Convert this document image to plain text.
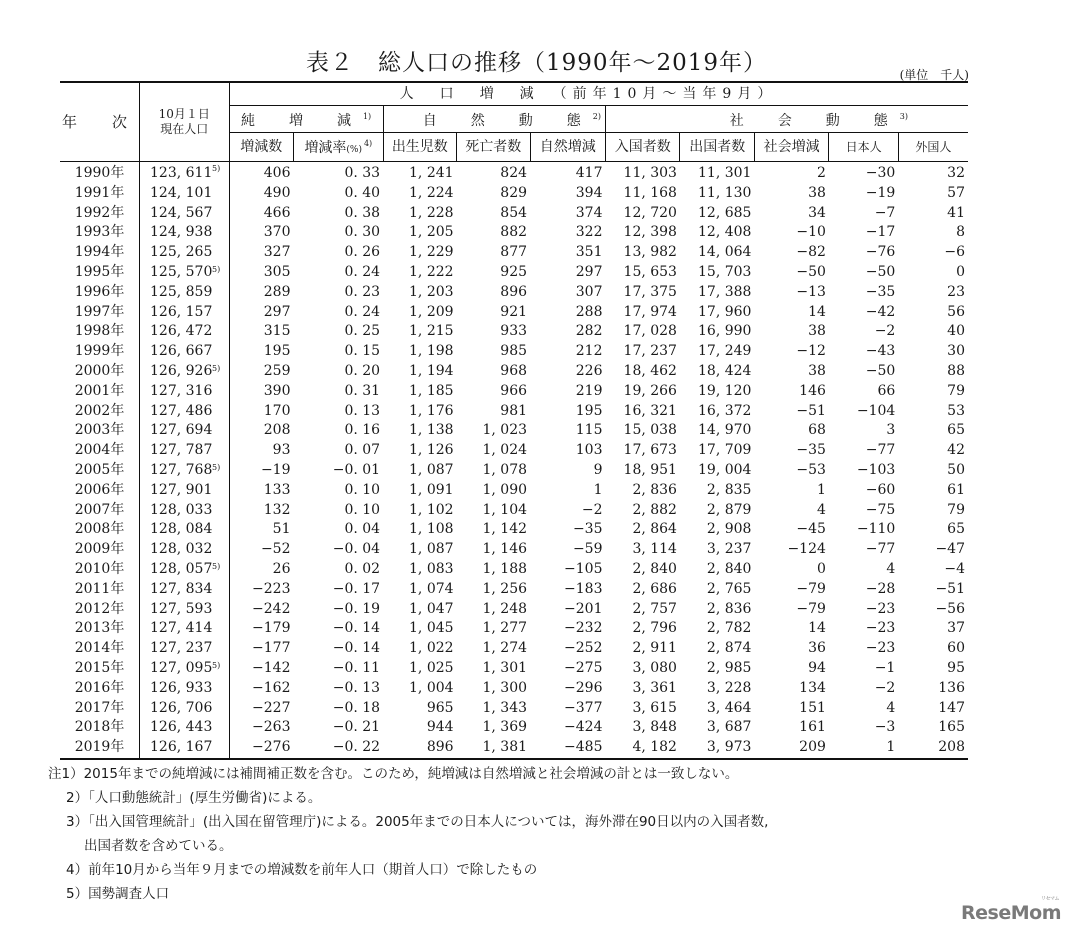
表２　総人口の推移（1990年～2019年）	(単位　千人)
年　次	10月１日
現在人口	人　口　増　減　（前年10月～当年9月）									
		純　増　減 $^{1)}$		自　然　動　態 $^{2)}$			社　会　動　態 $^{3)}$
		増減数	増減率(%)$^{4)}$	出生児数	死亡者数	自然増減	入国者数	出国者数	社会増減	日本人	外国人
1990年	123, 611 5)	406	0. 33	1, 241	824	417	11, 303	11, 301	2	−30	32
1991年	124, 101	490	0. 40	1, 224	829	394	11, 168	11, 130	38	−19	57
1992年	124, 567	466	0. 38	1, 228	854	374	12, 720	12, 685	34	−7	41
1993年	124, 938	370	0. 30	1, 205	882	322	12, 398	12, 408	−10	−17	8
1994年	125, 265	327	0. 26	1, 229	877	351	13, 982	14, 064	−82	−76	−6
1995年	125, 570 5)	305	0. 24	1, 222	925	297	15, 653	15, 703	−50	−50	0
1996年	125, 859	289	0. 23	1, 203	896	307	17, 375	17, 388	−13	−35	23
1997年	126, 157	297	0. 24	1, 209	921	288	17, 974	17, 960	14	−42	56
1998年	126, 472	315	0. 25	1, 215	933	282	17, 028	16, 990	38	−2	40
1999年	126, 667	195	0. 15	1, 198	985	212	17, 237	17, 249	−12	−43	30
2000年	126, 926 5)	259	0. 20	1, 194	968	226	18, 462	18, 424	38	−50	88
2001年	127, 316	390	0. 31	1, 185	966	219	19, 266	19, 120	146	66	79
2002年	127, 486	170	0. 13	1, 176	981	195	16, 321	16, 372	−51	−104	53
2003年	127, 694	208	0. 16	1, 138	1, 023	115	15, 038	14, 970	68	3	65
2004年	127, 787	93	0. 07	1, 126	1, 024	103	17, 673	17, 709	−35	−77	42
2005年	127, 768 5)	−19	−0. 01	1, 087	1, 078	9	18, 951	19, 004	−53	−103	50
2006年	127, 901	133	0. 10	1, 091	1, 090	1	2, 836	2, 835	1	−60	61
2007年	128, 033	132	0. 10	1, 102	1, 104	−2	2, 882	2, 879	4	−75	79
2008年	128, 084	51	0. 04	1, 108	1, 142	−35	2, 864	2, 908	−45	−110	65
2009年	128, 032	−52	−0. 04	1, 087	1, 146	−59	3, 114	3, 237	−124	−77	−47
2010年	128, 057 5)	26	0. 02	1, 083	1, 188	−105	2, 840	2, 840	0	4	−4
2011年	127, 834	−223	−0. 17	1, 074	1, 256	−183	2, 686	2, 765	−79	−28	−51
2012年	127, 593	−242	−0. 19	1, 047	1, 248	−201	2, 757	2, 836	−79	−23	−56
2013年	127, 414	−179	−0. 14	1, 045	1, 277	−232	2, 796	2, 782	14	−23	37
2014年	127, 237	−177	−0. 14	1, 022	1, 274	−252	2, 911	2, 874	36	−23	60
2015年	127, 095 5)	−142	−0. 11	1, 025	1, 301	−275	3, 080	2, 985	94	−1	95
2016年	126, 933	−162	−0. 13	1, 004	1, 300	−296	3, 361	3, 228	134	−2	136
2017年	126, 706	−227	−0. 18	965	1, 343	−377	3, 615	3, 464	151	4	147
2018年	126, 443	−263	−0. 21	944	1, 369	−424	3, 848	3, 687	161	−3	165
2019年	126, 167	−276	−0. 22	896	1, 381	−485	4, 182	3, 973	209	1	208
注1）2015年までの純増減には補間補正数を含む。このため，純増減は自然増減と社会増減の計とは一致しない。
2）「人口動態統計」(厚生労働省)による。
3）「出入国管理統計」(出入国在留管理庁)による。2005年までの日本人については，海外滞在90日以内の入国者数,
出国者数を含めている。
4）前年10月から当年９月までの増減数を前年人口（期首人口）で除したもの
5）国勢調査人口
ReseMom
リセマム
